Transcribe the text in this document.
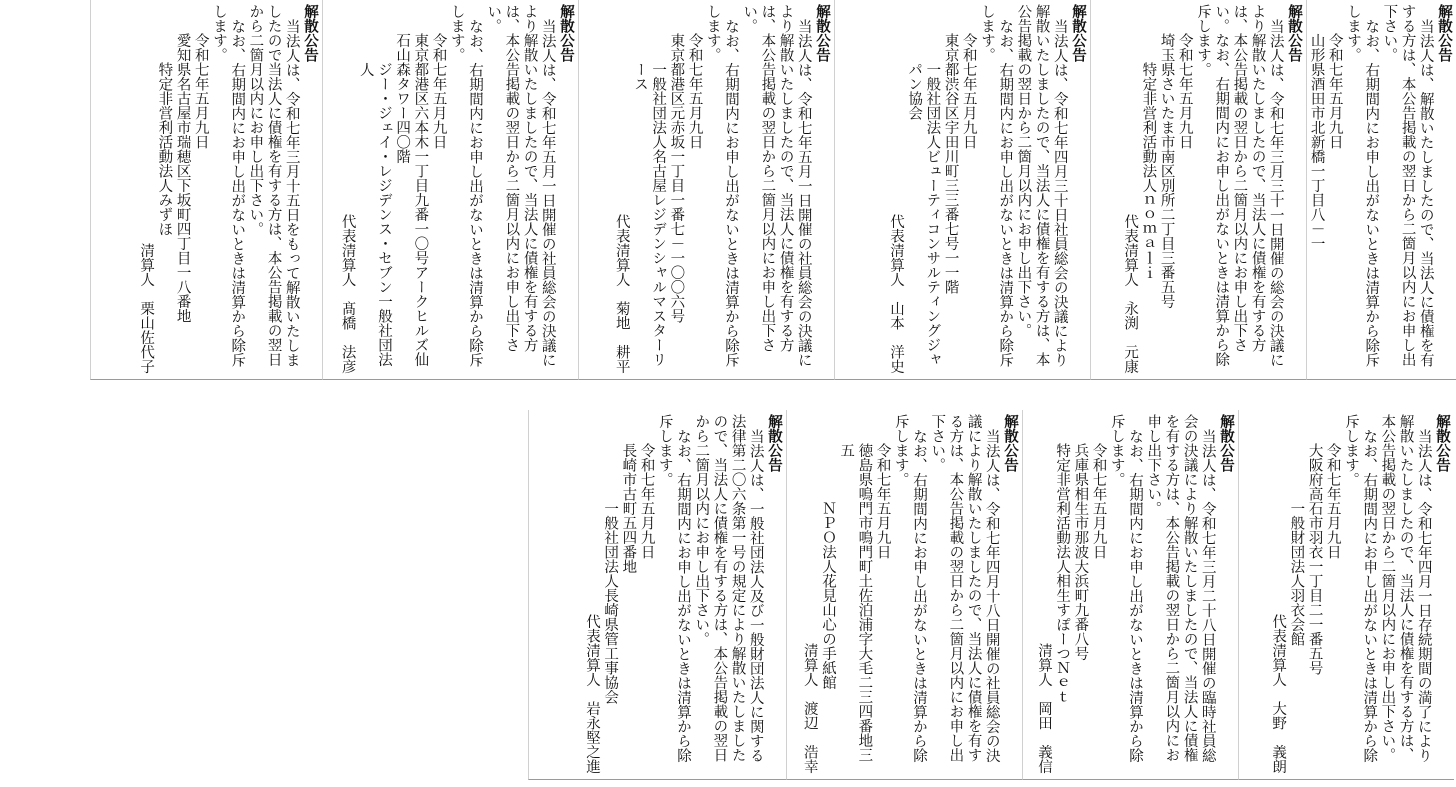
解散公告
当法人は、解散いたしましたので、当法人に債権を有する方は、本公告掲載の翌日から二箇月以内にお申し出下さい。
なお、右期間内にお申し出がないときは清算から除斥します。
令和七年五月九日
山形県酒田市北新橋一丁目八－一
解散公告
当法人は、令和七年三月三十一日開催の総会の決議により解散いたしましたので、当法人に債権を有する方は、本公告掲載の翌日から二箇月以内にお申し出下さい。なお、右期間内にお申し出がないときは清算から除斥します。
令和七年五月九日
埼玉県さいたま市南区別所二丁目三番五号
特定非営利活動法人ｎｏｍａｌｉ
代表清算人　永渕　元康
解散公告
当法人は、令和七年四月三十日社員総会の決議により解散いたしましたので、当法人に債権を有する方は、本公告掲載の翌日から二箇月以内にお申し出下さい。
なお、右期間内にお申し出がないときは清算から除斥します。
令和七年五月九日
東京都渋谷区宇田川町三三番七号一一階
一般社団法人ビューティコンサルティングジャパン協会
代表清算人　山本　洋史
解散公告
当法人は、令和七年五月一日開催の社員総会の決議により解散いたしましたので、当法人に債権を有する方は、本公告掲載の翌日から二箇月以内にお申し出下さい。
なお、右期間内にお申し出がないときは清算から除斥します。
令和七年五月九日
東京都港区元赤坂一丁目一番七－一〇〇六号
一般社団法人名古屋レジデンシャルマスターリース
代表清算人　菊地　耕平
解散公告
当法人は、令和七年五月一日開催の社員総会の決議により解散いたしましたので、当法人に債権を有する方は、本公告掲載の翌日から二箇月以内にお申し出下さい。
なお、右期間内にお申し出がないときは清算から除斥します。
令和七年五月九日
東京都港区六本木一丁目九番一〇号アークヒルズ仙石山森タワー四〇階
ジー・ジェイ・レジデンス・セブン一般社団法人
代表清算人　髙橋　法彦
解散公告
当法人は、令和七年三月十五日をもって解散いたしましたので当法人に債権を有する方は、本公告掲載の翌日から二箇月以内にお申し出下さい。
なお、右期間内にお申し出がないときは清算から除斥します。
令和七年五月九日
愛知県名古屋市瑞穂区下坂町四丁目一八番地
特定非営利活動法人みずほ
清算人　栗山佐代子
解散公告
当法人は、令和七年四月一日存続期間の満了により解散いたしましたので、当法人に債権を有する方は、本公告掲載の翌日から二箇月以内にお申し出下さい。
なお、右期間内にお申し出がないときは清算から除斥します。
令和七年五月九日
大阪府高石市羽衣一丁目二一番五号
一般財団法人羽衣会館
代表清算人　大野　義朗
解散公告
当法人は、令和七年三月二十八日開催の臨時社員総会の決議により解散いたしましたので、当法人に債権を有する方は、本公告掲載の翌日から二箇月以内にお申し出下さい。
なお、右期間内にお申し出がないときは清算から除斥します。
令和七年五月九日
兵庫県相生市那波大浜町九番八号
特定非営利活動法人相生すぽーつＮｅｔ
清算人　岡田　義信
解散公告
当法人は、令和七年四月十八日開催の社員総会の決議により解散いたしましたので、当法人に債権を有する方は、本公告掲載の翌日から二箇月以内にお申し出下さい。
なお、右期間内にお申し出がないときは清算から除斥します。
令和七年五月九日
徳島県鳴門市鳴門町土佐泊浦字大毛二三四番地三五
ＮＰＯ法人花見山心の手紙館
清算人　渡辺　浩幸
解散公告
当法人は、一般社団法人及び一般財団法人に関する法律第二〇六条第一号の規定により解散いたしましたので、当法人に債権を有する方は、本公告掲載の翌日から二箇月以内にお申し出下さい。
なお、右期間内にお申し出がないときは清算から除斥します。
令和七年五月九日
長崎市古町五四番地
一般社団法人長崎県管工事協会
代表清算人　岩永堅之進
